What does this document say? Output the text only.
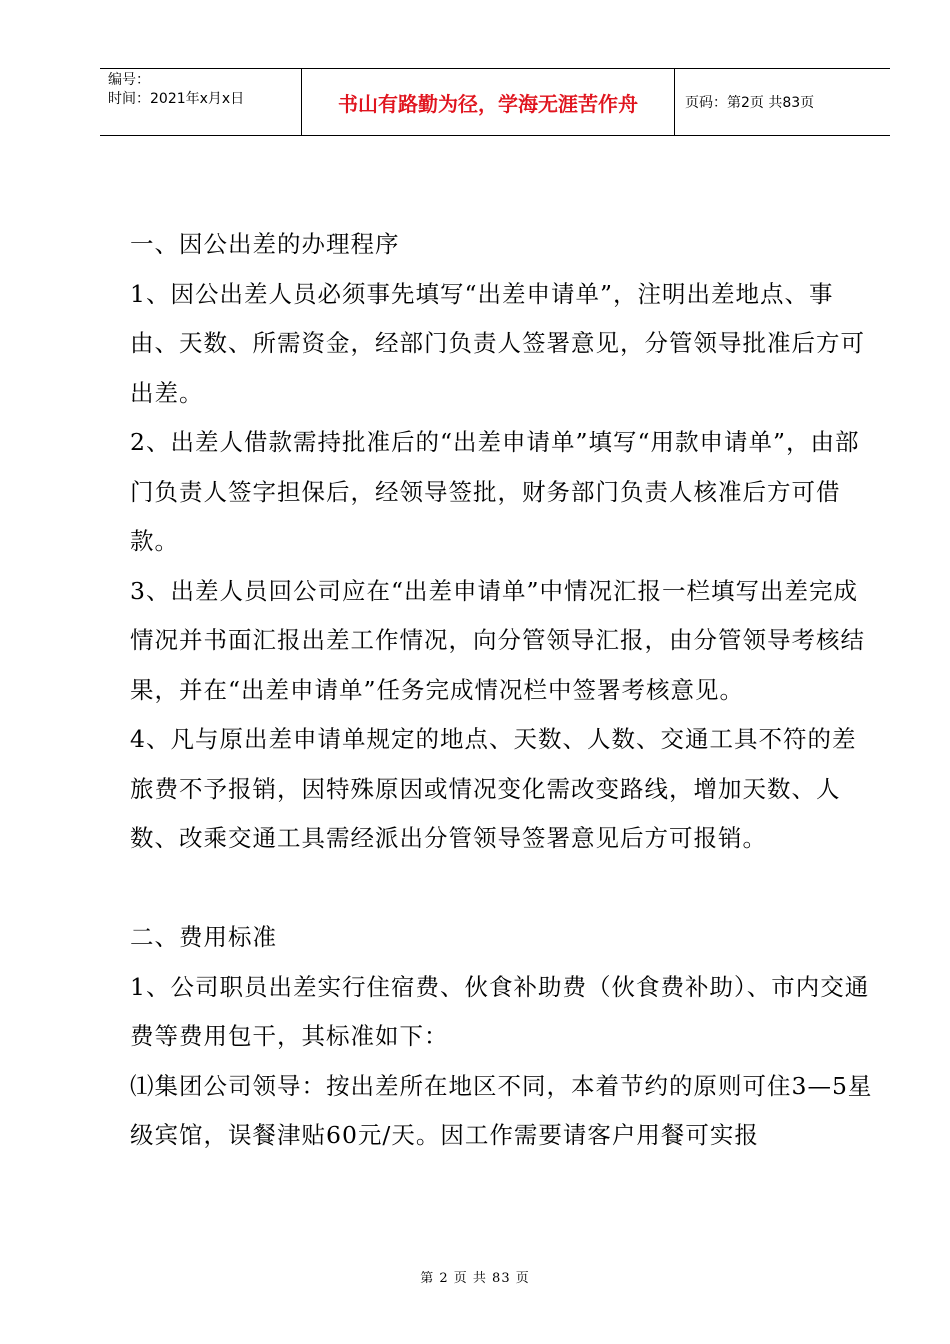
编号：
时间：2021年x月x日	书山有路勤为径，学海无涯苦作舟	页码：第2页 共83页

一、因公出差的办理程序

1、因公出差人员必须事先填写“出差申请单”，注明出差地点、事由、天数、所需资金，经部门负责人签署意见，分管领导批准后方可出差。

2、出差人借款需持批准后的“出差申请单”填写“用款申请单”，由部门负责人签字担保后，经领导签批，财务部门负责人核准后方可借款。

3、出差人员回公司应在“出差申请单”中情况汇报一栏填写出差完成情况并书面汇报出差工作情况，向分管领导汇报，由分管领导考核结果，并在“出差申请单”任务完成情况栏中签署考核意见。

4、凡与原出差申请单规定的地点、天数、人数、交通工具不符的差旅费不予报销，因特殊原因或情况变化需改变路线，增加天数、人数、改乘交通工具需经派出分管领导签署意见后方可报销。

二、费用标准

1、公司职员出差实行住宿费、伙食补助费（伙食费补助）、市内交通费等费用包干，其标准如下：

⑴集团公司领导：按出差所在地区不同，本着节约的原则可住3—5星级宾馆，误餐津贴60元/天。因工作需要请客户用餐可实报

第 2 页 共 83 页
